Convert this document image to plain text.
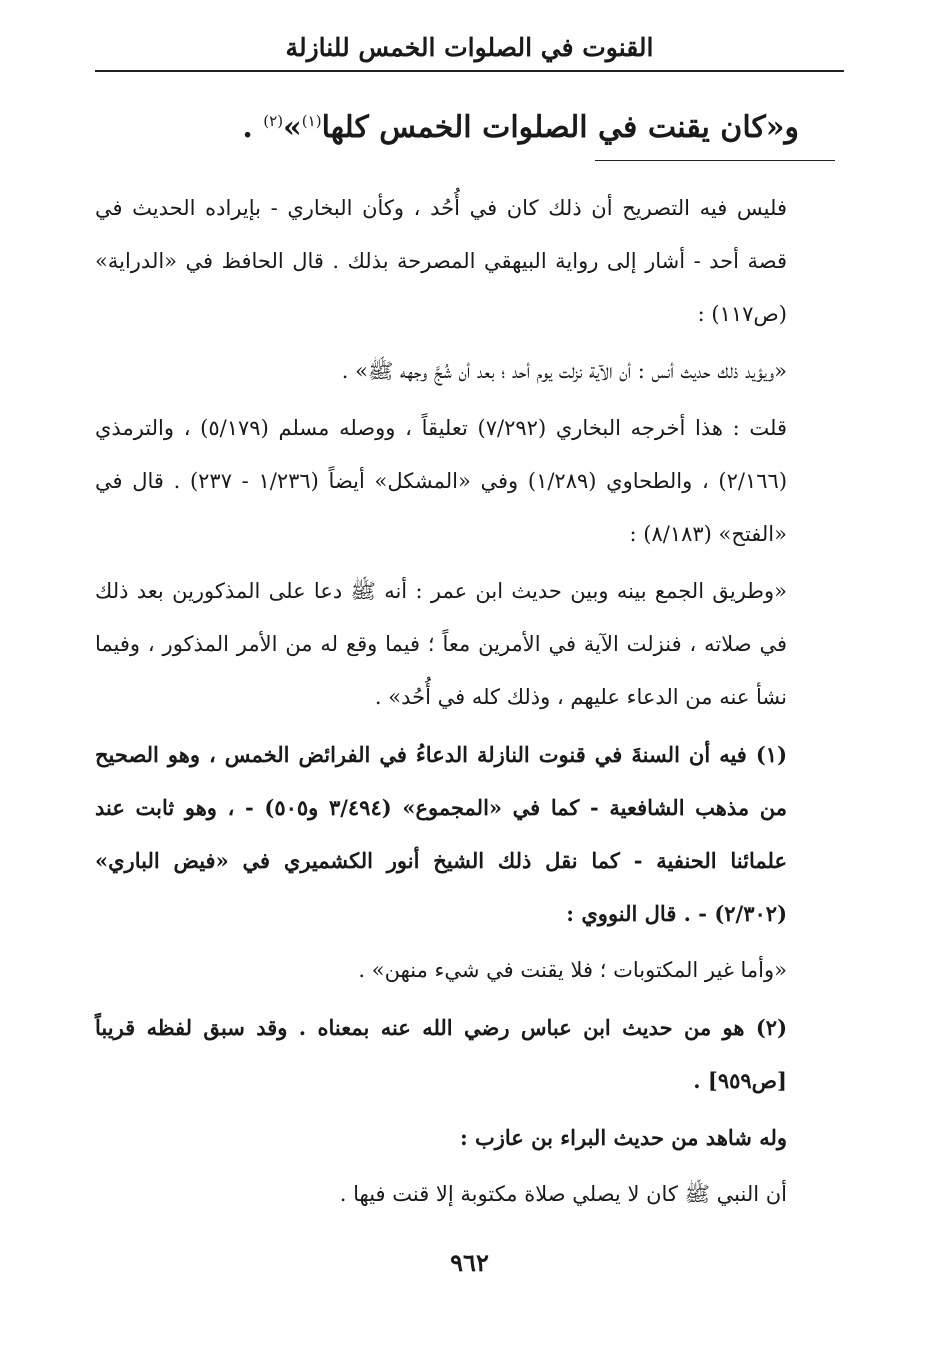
القنوت في الصلوات الخمس للنازلة
و«كان يقنت في الصلوات الخمس كلها$^{(١)}$»$^{(٢)}$ .

فليس فيه التصريح أن ذلك كان في أُحُد ، وكأن البخاري - بإيراده الحديث في قصة أحد - أشار إلى رواية البيهقي المصرحة بذلك . قال الحافظ في «الدراية» (ص١١٧) :

«ويؤيد ذلك حديث أنس : أن الآية نزلت يوم أحد ؛ بعد أن شُجَّ وجهه ﷺ» .

قلت : هذا أخرجه البخاري (٧/٢٩٢) تعليقاً ، ووصله مسلم (٥/١٧٩) ، والترمذي (٢/١٦٦) ، والطحاوي (١/٢٨٩) وفي «المشكل» أيضاً (١/٢٣٦ - ٢٣٧) . قال في «الفتح» (٨/١٨٣) :

«وطريق الجمع بينه وبين حديث ابن عمر : أنه ﷺ دعا على المذكورين بعد ذلك في صلاته ، فنزلت الآية في الأمرين معاً ؛ فيما وقع له من الأمر المذكور ، وفيما نشأ عنه من الدعاء عليهم ، وذلك كله في أُحُد» .

(١) فيه أن السنةَ في قنوت النازلة الدعاءُ في الفرائض الخمس ، وهو الصحيح من مذهب الشافعية - كما في «المجموع» (٣/٤٩٤ و٥٠٥) - ، وهو ثابت عند علمائنا الحنفية - كما نقل ذلك الشيخ أنور الكشميري في «فيض الباري» (٢/٣٠٢) - . قال النووي :

«وأما غير المكتوبات ؛ فلا يقنت في شيء منهن» .

(٢) هو من حديث ابن عباس رضي الله عنه بمعناه . وقد سبق لفظه قريباً [ص٩٥٩] .

وله شاهد من حديث البراء بن عازب :

أن النبي ﷺ كان لا يصلي صلاة مكتوبة إلا قنت فيها .

٩٦٢
